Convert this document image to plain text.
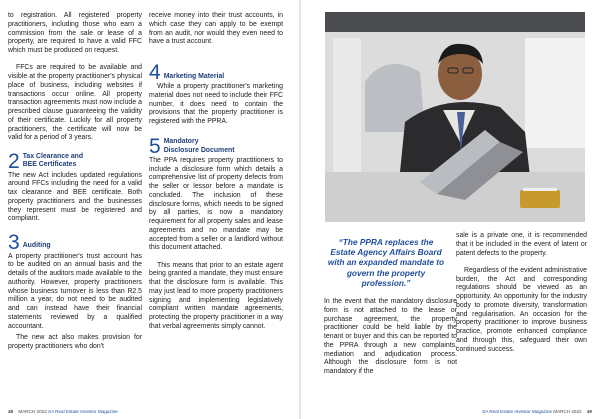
to registration. All registered property practitioners, including those who earn a commission from the sale or lease of a property, are required to have a valid FFC which must be produced on request.

FFCs are required to be available and visible at the property practitioner's physical place of business, including websites if transactions occur online. All property transaction agreements must now include a prescribed clause guaranteeing the validity of their certificate. Luckily for all property practitioners, the certificate will now be valid for a period of 3 years.

2 Tax Clearance and
BEE Certificates

The new Act includes updated regulations around FFCs including the need for a valid tax clearance and BEE certificate. Both property practitioners and the businesses they represent must be registered and compliant.

3 Auditing

A property practitioner's trust account has to be audited on an annual basis and the details of the auditors made available to the authority. However, property practitioners whose business turnover is less than R2.5 million a year, do not need to be audited and can instead have their financial statements reviewed by a qualified accountant.

The new act also makes provision for property practitioners who don't

receive money into their trust accounts, in which case they can apply to be exempt from an audit, nor would they even need to have a trust account.

4 Marketing Material

While a property practitioner's marketing material does not need to include their FFC number, it does need to contain the provisions that the property practitioner is registered with the PPRA.

5 Mandatory
Disclosure Document

The PPA requires property practitioners to include a disclosure form which details a comprehensive list of property defects from the seller or lessor before a mandate is concluded. The inclusion of these disclosure forms, which needs to be signed by all parties, is now a mandatory requirement for all property sales and lease agreements and no mandate may be accepted from a seller or a landlord without this document attached.

This means that prior to an estate agent being granted a mandate, they must ensure that the disclosure form is available. This may just lead to more property practitioners signing and implementing legislatively compliant written mandate agreements, protecting the property practitioner in a way that verbal agreements simply cannot.

48 MARCH 2022 SA Real Estate Investor Magazine
“The PPRA replaces the Estate Agency Affairs Board with an expanded mandate to govern the property profession.”

In the event that the mandatory disclosure form is not attached to the lease or purchase agreement, the property practitioner could be held liable by the tenant or buyer and this can be reported to the PPRA through a new complaints, mediation and adjudication process. Although the disclosure form is not mandatory if the

sale is a private one, it is recommended that it be included in the event of latent or patent defects to the property.

Regardless of the evident administrative burden, the Act and corresponding regulations should be viewed as an opportunity. An opportunity for the industry body to promote diversity, transformation and regularisation. An occasion for the property practitioner to improve business practice, promote enhanced compliance and through this, safeguard their own continued success.

SA Real Estate Investor Magazine MARCH 2022 49
